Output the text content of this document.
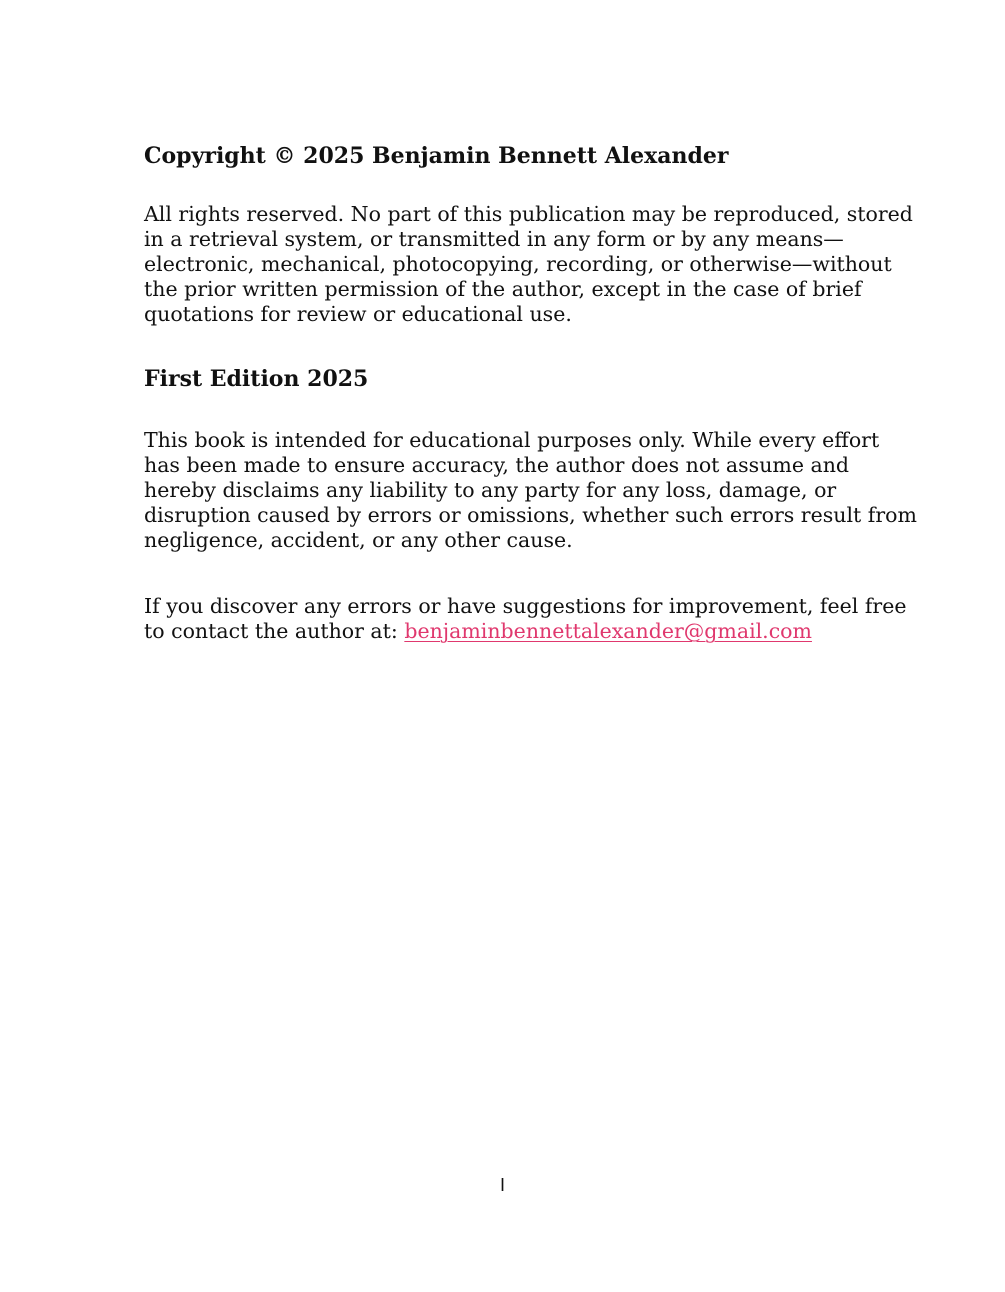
Copyright © 2025 Benjamin Bennett Alexander

All rights reserved. No part of this publication may be reproduced, stored
in a retrieval system, or transmitted in any form or by any means—
electronic, mechanical, photocopying, recording, or otherwise—without
the prior written permission of the author, except in the case of brief
quotations for review or educational use.

First Edition 2025

This book is intended for educational purposes only. While every effort
has been made to ensure accuracy, the author does not assume and
hereby disclaims any liability to any party for any loss, damage, or
disruption caused by errors or omissions, whether such errors result from
negligence, accident, or any other cause.

If you discover any errors or have suggestions for improvement, feel free
to contact the author at: benjaminbennettalexander@gmail.com

I
